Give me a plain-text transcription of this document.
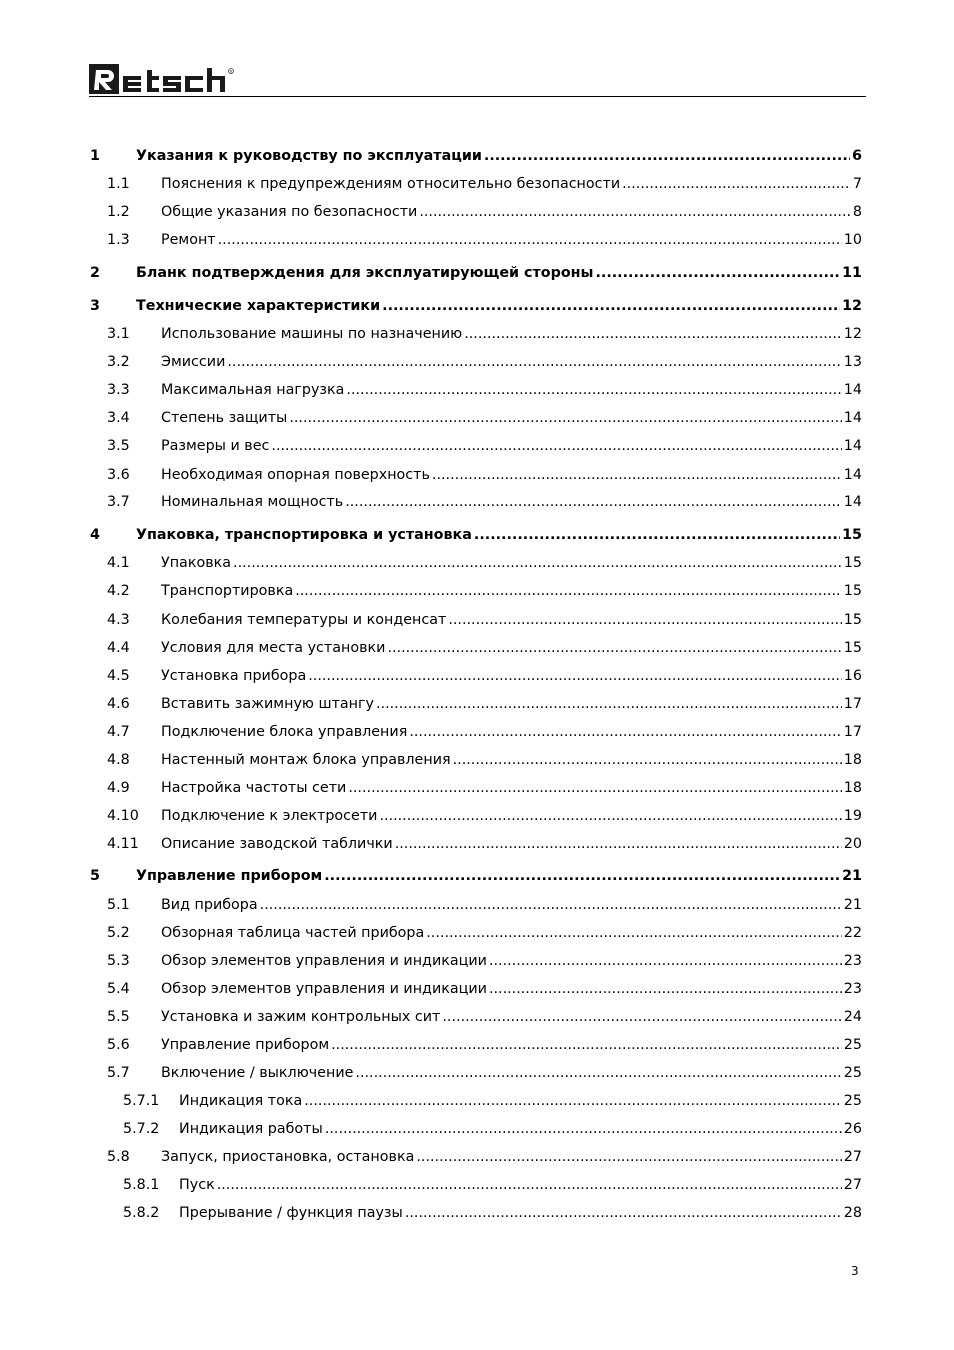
R
1	Указания к руководству по эксплуатации .....	6
1.1 Пояснения к предупреждениям относительно безопасности .....	7
1.2 Общие указания по безопасности .....	8
1.3 Ремонт .....	10
2	Бланк подтверждения для эксплуатирующей стороны .....	11
3	Технические характеристики .....	12
3.1 Использование машины по назначению .....	12
3.2 Эмиссии .....	13
3.3 Максимальная нагрузка .....	14
3.4 Степень защиты .....	14
3.5 Размеры и вес .....	14
3.6 Необходимая опорная поверхность .....	14
3.7 Номинальная мощность .....	14
4	Упаковка, транспортировка и установка .....	15
4.1 Упаковка .....	15
4.2 Транспортировка .....	15
4.3 Колебания температуры и конденсат .....	15
4.4 Условия для места установки .....	15
4.5 Установка прибора .....	16
4.6 Вставить зажимную штангу .....	17
4.7 Подключение блока управления .....	17
4.8 Настенный монтаж блока управления .....	18
4.9 Настройка частоты сети .....	18
4.10 Подключение к электросети .....	19
4.11 Описание заводской таблички .....	20
5	Управление прибором .....	21
5.1 Вид прибора .....	21
5.2 Обзорная таблица частей прибора .....	22
5.3 Обзор элементов управления и индикации .....	23
5.4 Обзор элементов управления и индикации .....	23
5.5 Установка и зажим контрольных сит .....	24
5.6 Управление прибором .....	25
5.7 Включение / выключение .....	25
5.7.1 Индикация тока .....	25
5.7.2 Индикация работы .....	26
5.8 Запуск, приостановка, остановка .....	27
5.8.1 Пуск .....	27
5.8.2 Прерывание / функция паузы .....	28
3
